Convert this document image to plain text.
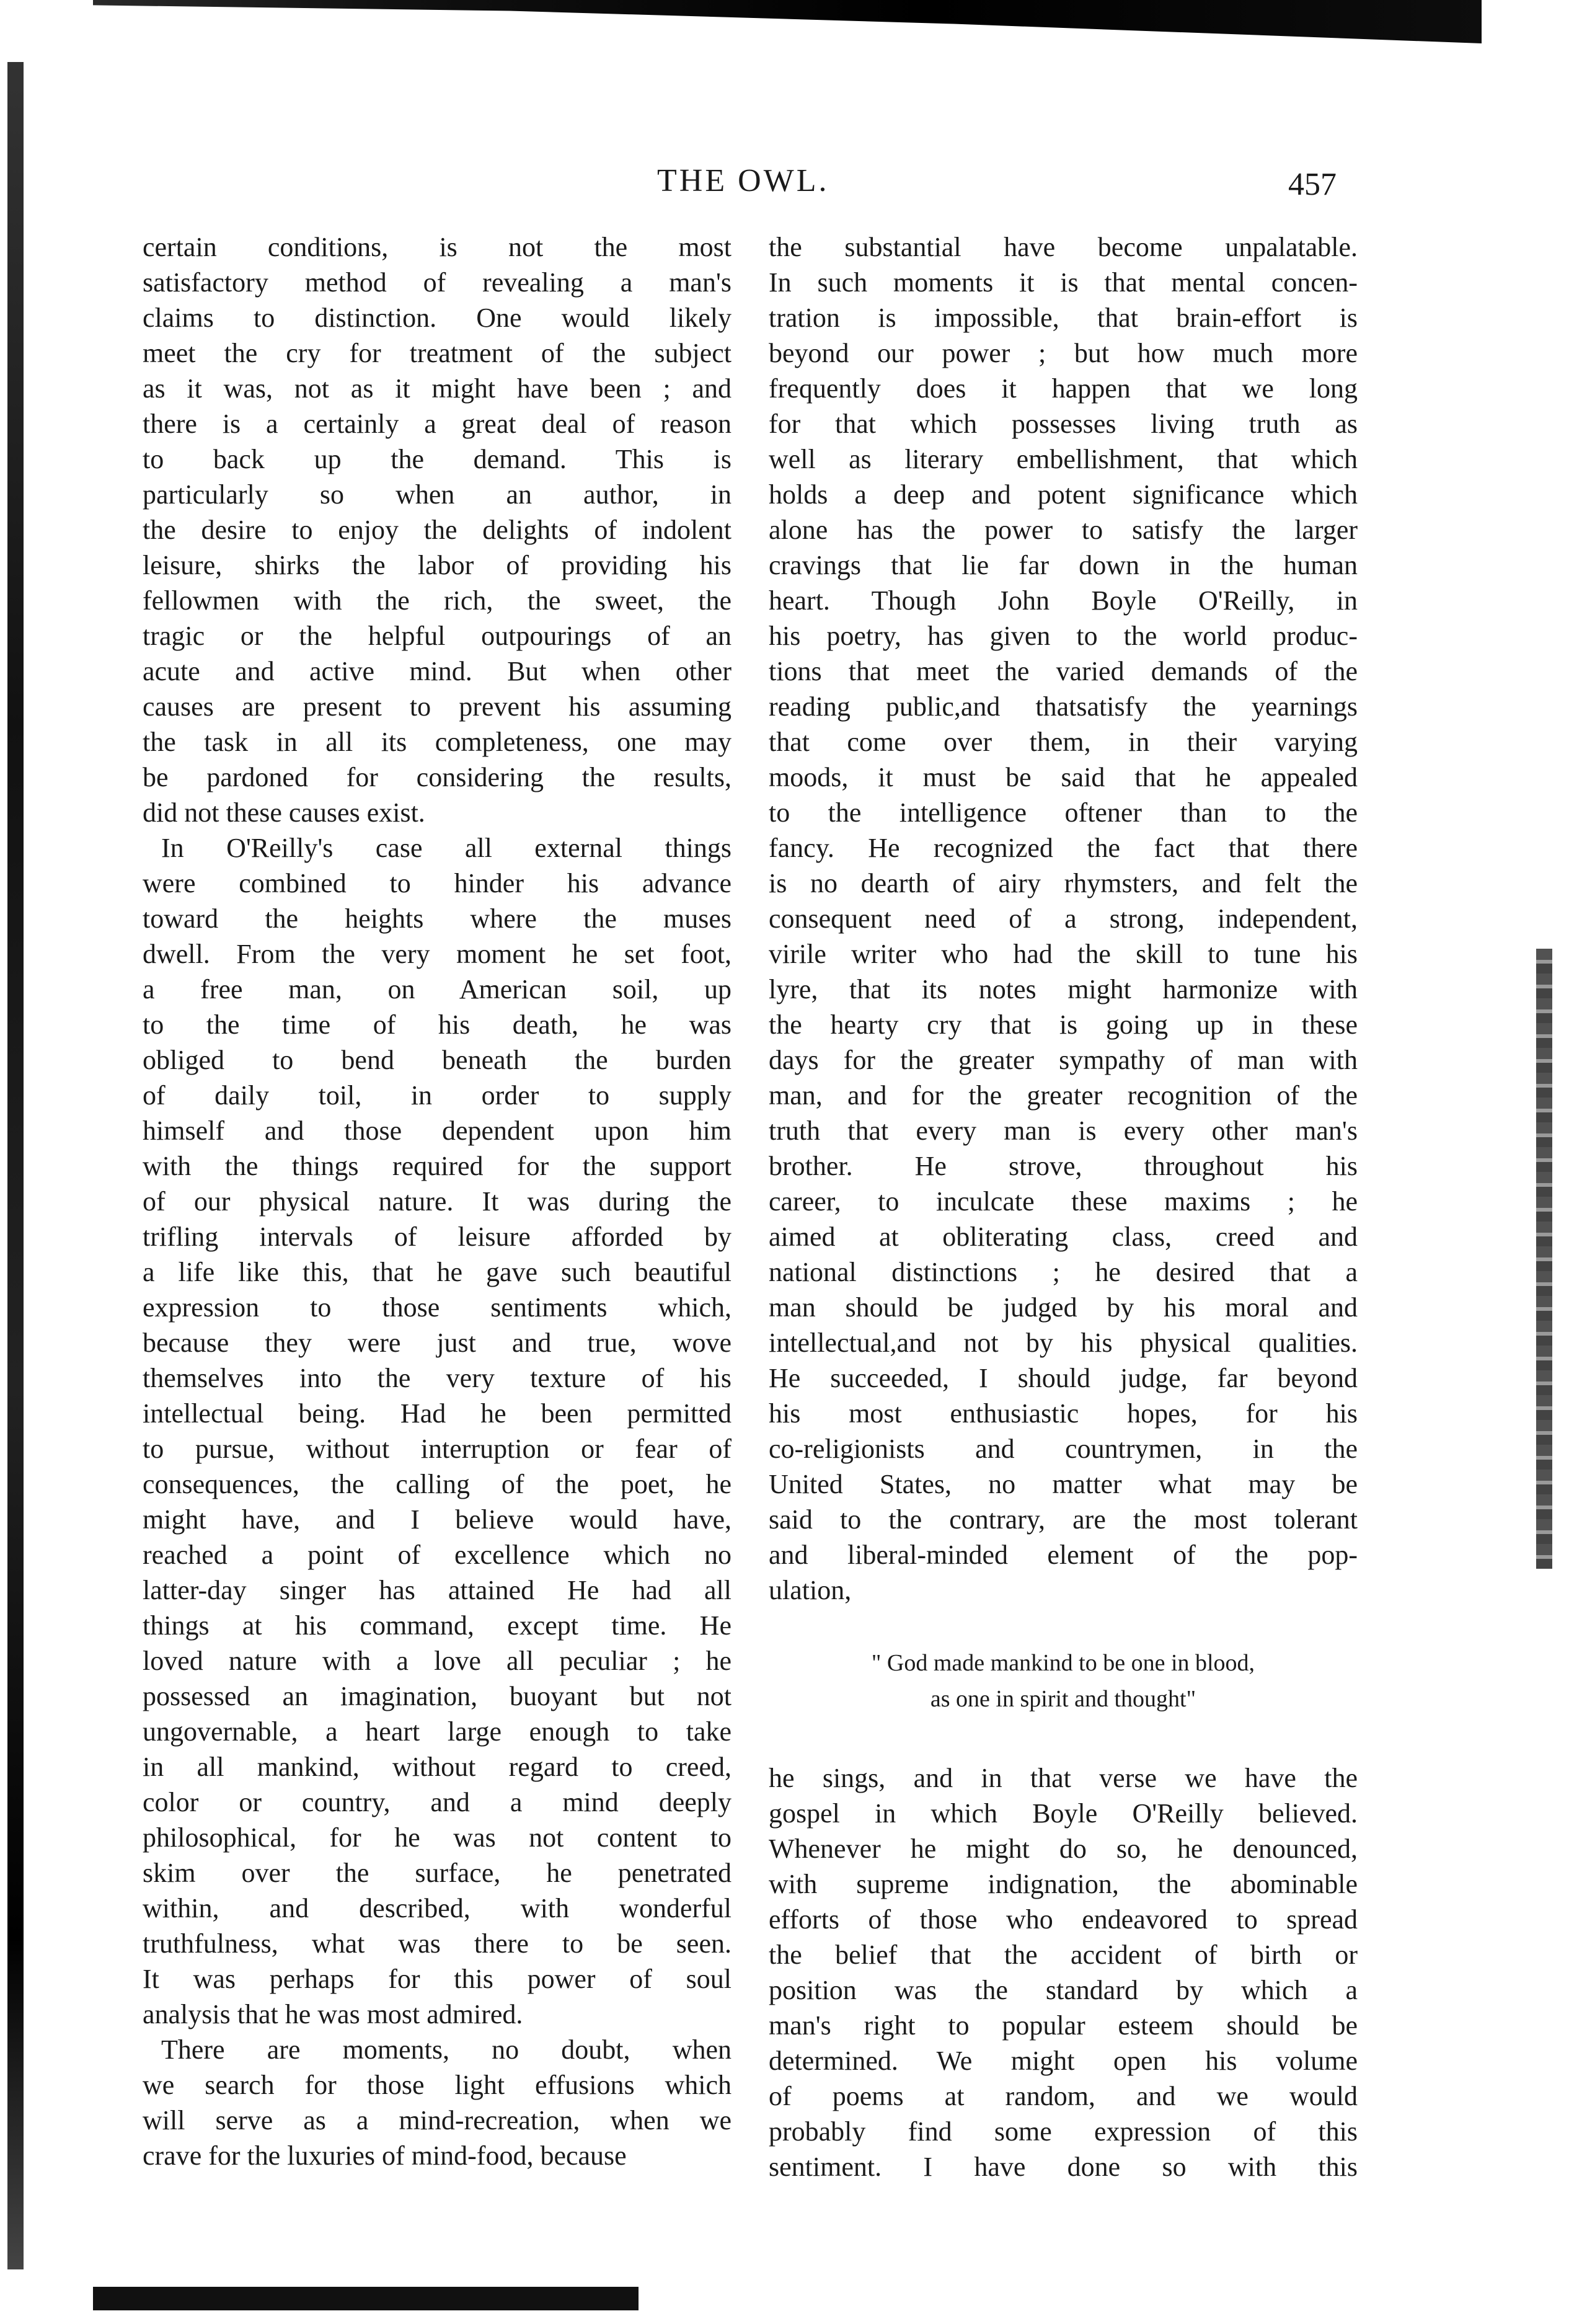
THE OWL.	457
certain conditions, is not the most
satisfactory method of revealing a man's
claims to distinction. One would likely
meet the cry for treatment of the subject
as it was, not as it might have been ; and
there is a certainly a great deal of reason
to back up the demand. This is
particularly so when an author, in
the desire to enjoy the delights of indolent
leisure, shirks the labor of providing his
fellowmen with the rich, the sweet, the
tragic or the helpful outpourings of an
acute and active mind. But when other
causes are present to prevent his assuming
the task in all its completeness, one may
be pardoned for considering the results,
did not these causes exist.
In O'Reilly's case all external things
were combined to hinder his advance
toward the heights where the muses
dwell. From the very moment he set foot,
a free man, on American soil, up
to the time of his death, he was
obliged to bend beneath the burden
of daily toil, in order to supply
himself and those dependent upon him
with the things required for the support
of our physical nature. It was during the
trifling intervals of leisure afforded by
a life like this, that he gave such beautiful
expression to those sentiments which,
because they were just and true, wove
themselves into the very texture of his
intellectual being. Had he been permitted
to pursue, without interruption or fear of
consequences, the calling of the poet, he
might have, and I believe would have,
reached a point of excellence which no
latter-day singer has attained He had all
things at his command, except time. He
loved nature with a love all peculiar ; he
possessed an imagination, buoyant but not
ungovernable, a heart large enough to take
in all mankind, without regard to creed,
color or country, and a mind deeply
philosophical, for he was not content to
skim over the surface, he penetrated
within, and described, with wonderful
truthfulness, what was there to be seen.
It was perhaps for this power of soul
analysis that he was most admired.
There are moments, no doubt, when
we search for those light effusions which
will serve as a mind-recreation, when we
crave for the luxuries of mind-food, because
the substantial have become unpalatable.
In such moments it is that mental concen-
tration is impossible, that brain-effort is
beyond our power ; but how much more
frequently does it happen that we long
for that which possesses living truth as
well as literary embellishment, that which
holds a deep and potent significance which
alone has the power to satisfy the larger
cravings that lie far down in the human
heart. Though John Boyle O'Reilly, in
his poetry, has given to the world produc-
tions that meet the varied demands of the
reading public,and thatsatisfy the yearnings
that come over them, in their varying
moods, it must be said that he appealed
to the intelligence oftener than to the
fancy. He recognized the fact that there
is no dearth of airy rhymsters, and felt the
consequent need of a strong, independent,
virile writer who had the skill to tune his
lyre, that its notes might harmonize with
the hearty cry that is going up in these
days for the greater sympathy of man with
man, and for the greater recognition of the
truth that every man is every other man's
brother. He strove, throughout his
career, to inculcate these maxims ; he
aimed at obliterating class, creed and
national distinctions ; he desired that a
man should be judged by his moral and
intellectual,and not by his physical qualities.
He succeeded, I should judge, far beyond
his most enthusiastic hopes, for his
co-religionists and countrymen, in the
United States, no matter what may be
said to the contrary, are the most tolerant
and liberal-minded element of the pop-
ulation,
" God made mankind to be one in blood,
as one in spirit and thought"
he sings, and in that verse we have the
gospel in which Boyle O'Reilly believed.
Whenever he might do so, he denounced,
with supreme indignation, the abominable
efforts of those who endeavored to spread
the belief that the accident of birth or
position was the standard by which a
man's right to popular esteem should be
determined. We might open his volume
of poems at random, and we would
probably find some expression of this
sentiment. I have done so with this
